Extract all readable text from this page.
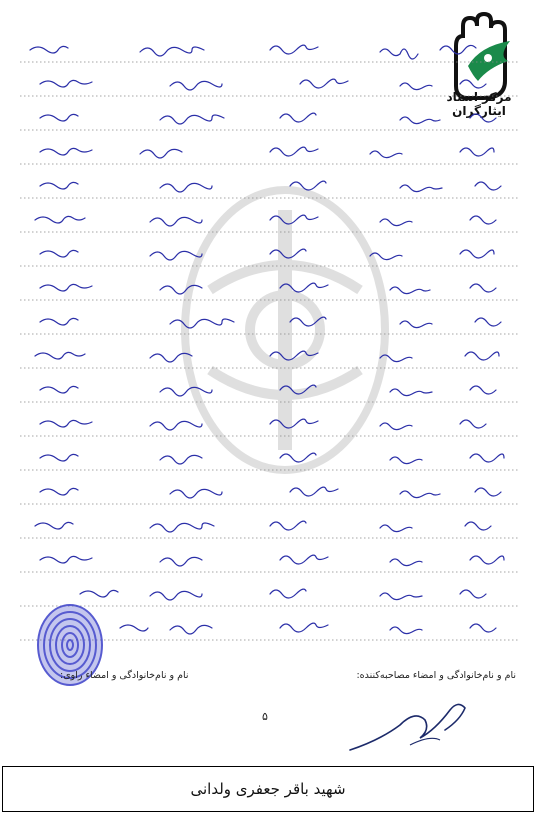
مرکز اسناد ایثارگران
نام و نام‌خانوادگی و امضاء مصاحبه‌کننده:
نام و نام‌خانوادگی و امضاء راوی:
۵
شهید باقر جعفری ولدانی
